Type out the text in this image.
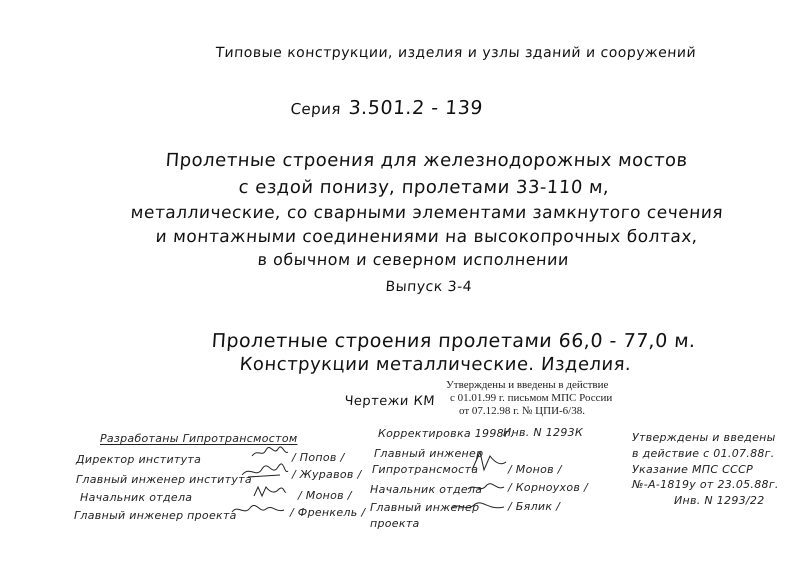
Типовые конструкции, изделия и узлы зданий и сооружений
Серия 3.501.2 - 139
Пролетные строения для железнодорожных мостов
с ездой понизу, пролетами 33-110 м,
металлические, со сварными элементами замкнутого сечения
и монтажными соединениями на высокопрочных болтах,
в обычном и северном исполнении
Выпуск 3-4
Пролетные строения пролетами 66,0 - 77,0 м.
Конструкции металлические. Изделия.
Чертежи КМ
Утверждены и введены в действие
с 01.01.99 г. письмом МПС России
от 07.12.98 г. № ЦПИ-6/38.
Разработаны Гипротрансмостом
Директор института	/ Попов /
Главный инженер института	/ Журавов /
Начальник отдела	/ Монов /
Главный инженер проекта	/ Френкель /
Корректировка 1998г.
Инв. N 1293К
Главный инженер
Гипротрансмоста	/ Монов /
Начальник отдела / Корноухов /
Главный инженер	/ Бялик /
проекта
Утверждены и введены
в действие с 01.07.88г.
Указание МПС СССР
№-А-1819у от 23.05.88г.
Инв. N 1293/22
